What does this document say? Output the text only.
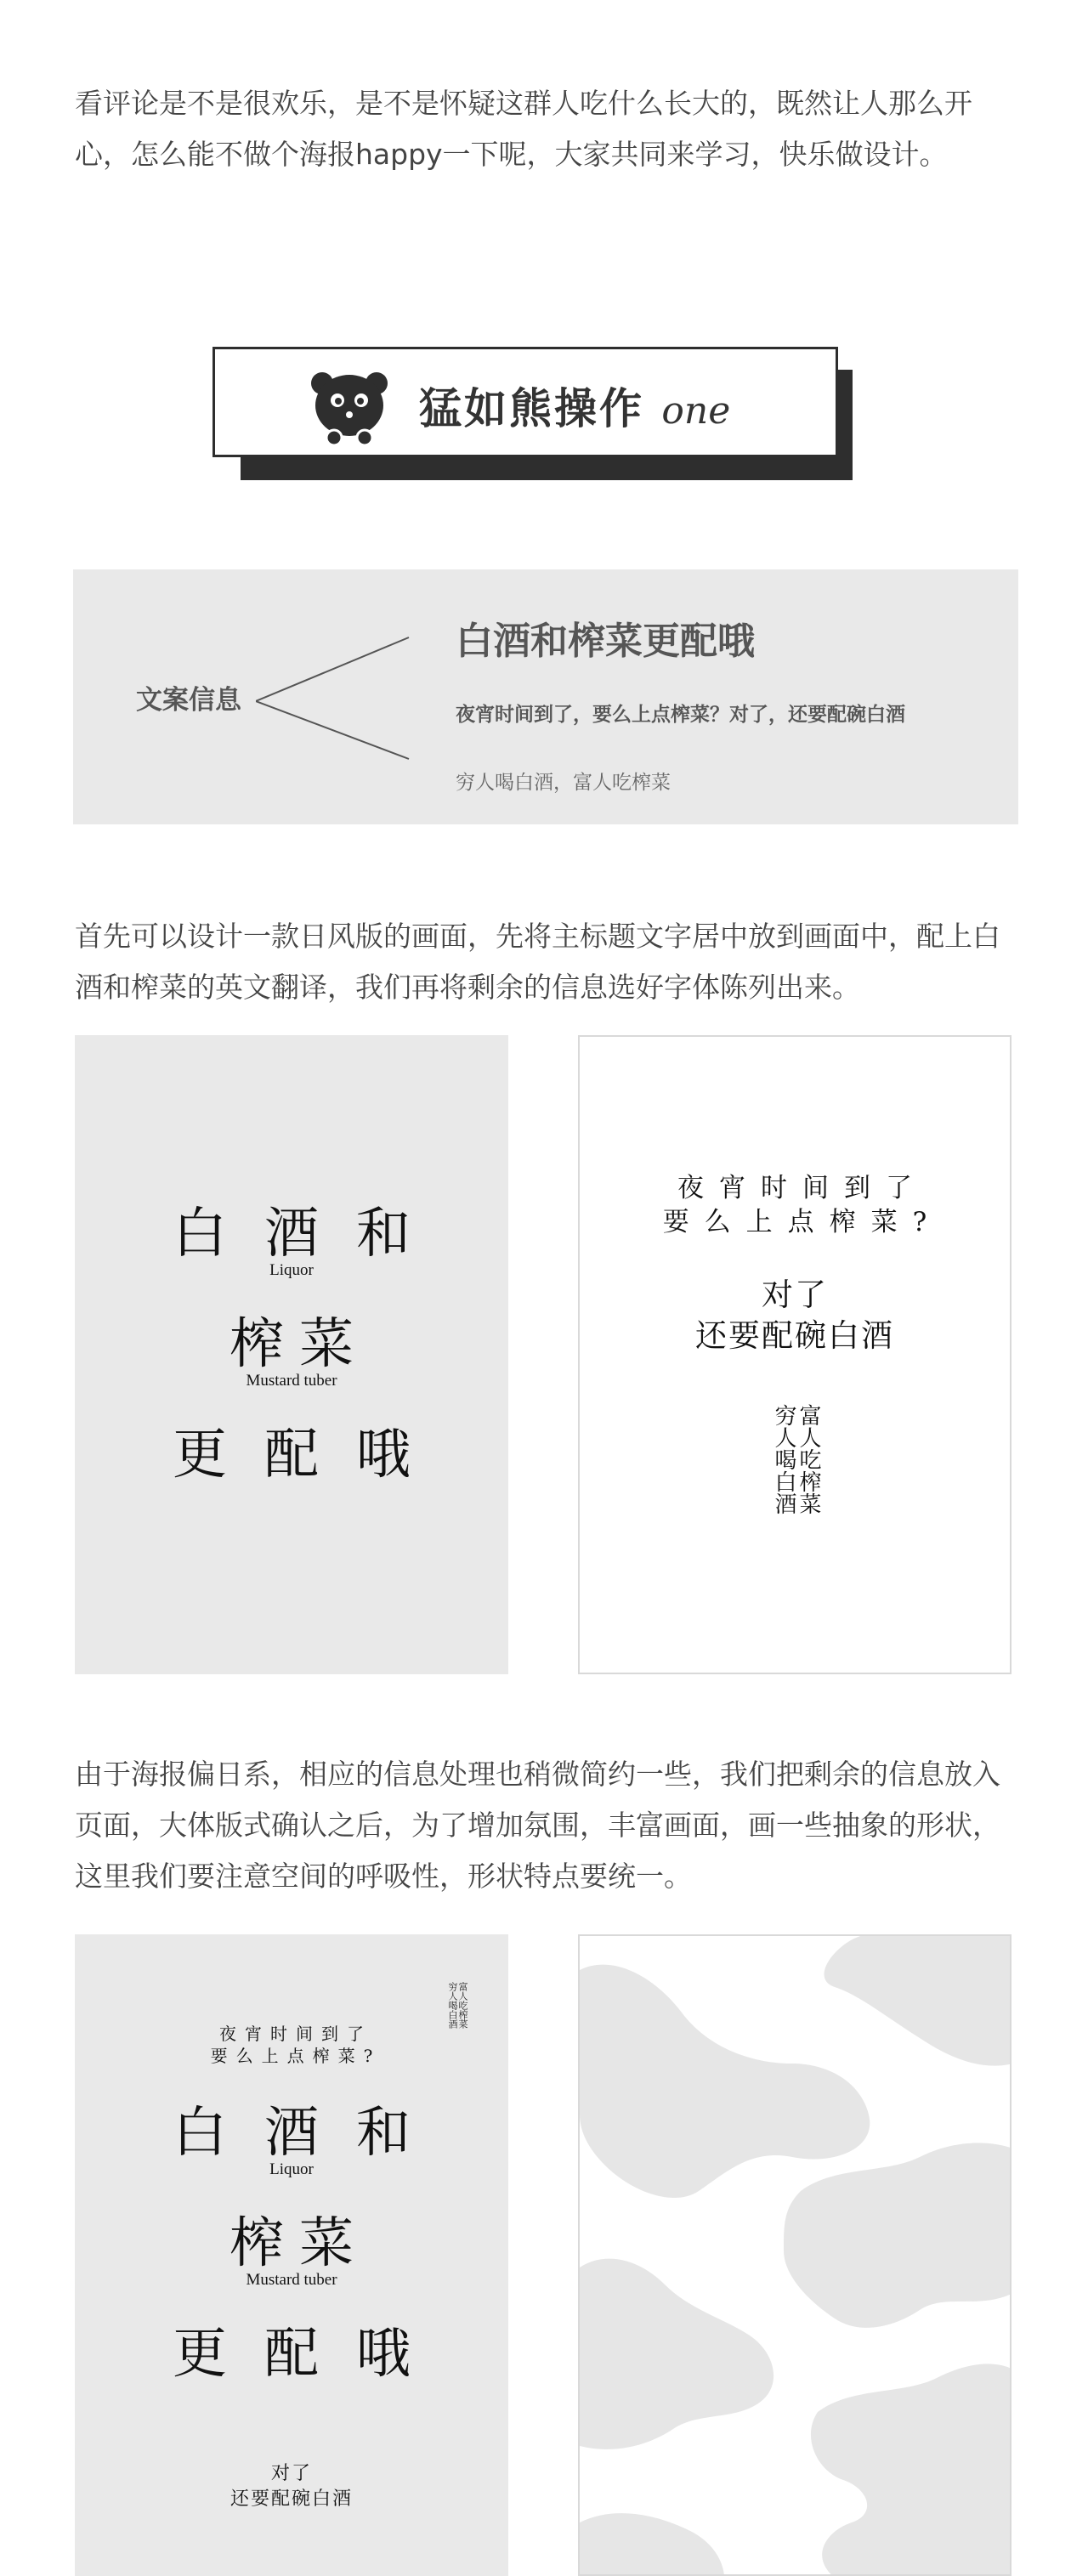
看评论是不是很欢乐，是不是怀疑这群人吃什么长大的，既然让人那么开心，怎么能不做个海报happy一下呢，大家共同来学习，快乐做设计。

猛如熊操作 one
文案信息
白酒和榨菜更配哦
夜宵时间到了，要么上点榨菜？对了，还要配碗白酒
穷人喝白酒，富人吃榨菜

首先可以设计一款日风版的画面，先将主标题文字居中放到画面中，配上白酒和榨菜的英文翻译，我们再将剩余的信息选好字体陈列出来。

白酒和
Liquor
榨菜
Mustard tuber
更配哦
夜宵时间到了
要么上点榨菜?
对了
还要配碗白酒
富人吃榨菜
穷人喝白酒

由于海报偏日系，相应的信息处理也稍微简约一些，我们把剩余的信息放入页面，大体版式确认之后，为了增加氛围，丰富画面，画一些抽象的形状，这里我们要注意空间的呼吸性，形状特点要统一。

富人吃榨菜
穷人喝白酒
夜宵时间到了
要么上点榨菜?
白酒和
Liquor
榨菜
Mustard tuber
更配哦
对了
还要配碗白酒
